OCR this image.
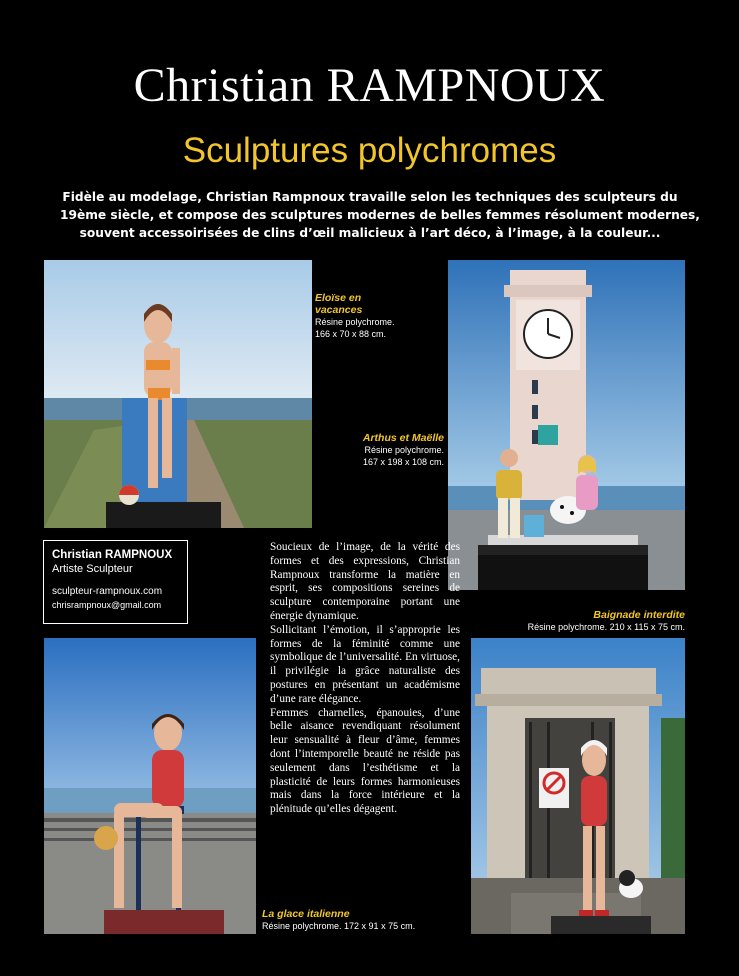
Christian RAMPNOUX
Sculptures polychromes
Fidèle au modelage, Christian Rampnoux travaille selon les techniques des sculpteurs du
19ème siècle, et compose des sculptures modernes de belles femmes résolument modernes,
souvent accessoirisées de clins d’œil malicieux à l’art déco, à l’image, à la couleur...
Eloïse en
vacances
Résine polychrome.
166 x 70 x 88 cm.
Arthus et Maëlle
Résine polychrome.
167 x 198 x 108 cm.
Christian RAMPNOUX
Artiste Sculpteur
sculpteur-rampnoux.com
chrisrampnoux@gmail.com

Soucieux de l’image, de la vérité des formes et des expressions, Christian Rampnoux transforme la matière en esprit, ses compositions sereines de sculpture contemporaine portant une énergie dynamique.

Sollicitant l’émotion, il s’approprie les formes de la féminité comme une symbolique de l’universalité. En virtuose, il privilégie la grâce naturaliste des postures en présentant un académisme d’une rare élégance.

Femmes charnelles, épanouies, d’une belle aisance revendiquant résolument leur sensualité à fleur d’âme, femmes dont l’intemporelle beauté ne réside pas seulement dans l’esthétisme et la plasticité de leurs formes harmonieuses mais dans la force intérieure et la plénitude qu’elles dégagent.

La glace italienne
Résine polychrome. 172 x 91 x 75 cm.
Baignade interdite
Résine polychrome. 210 x 115 x 75 cm.
